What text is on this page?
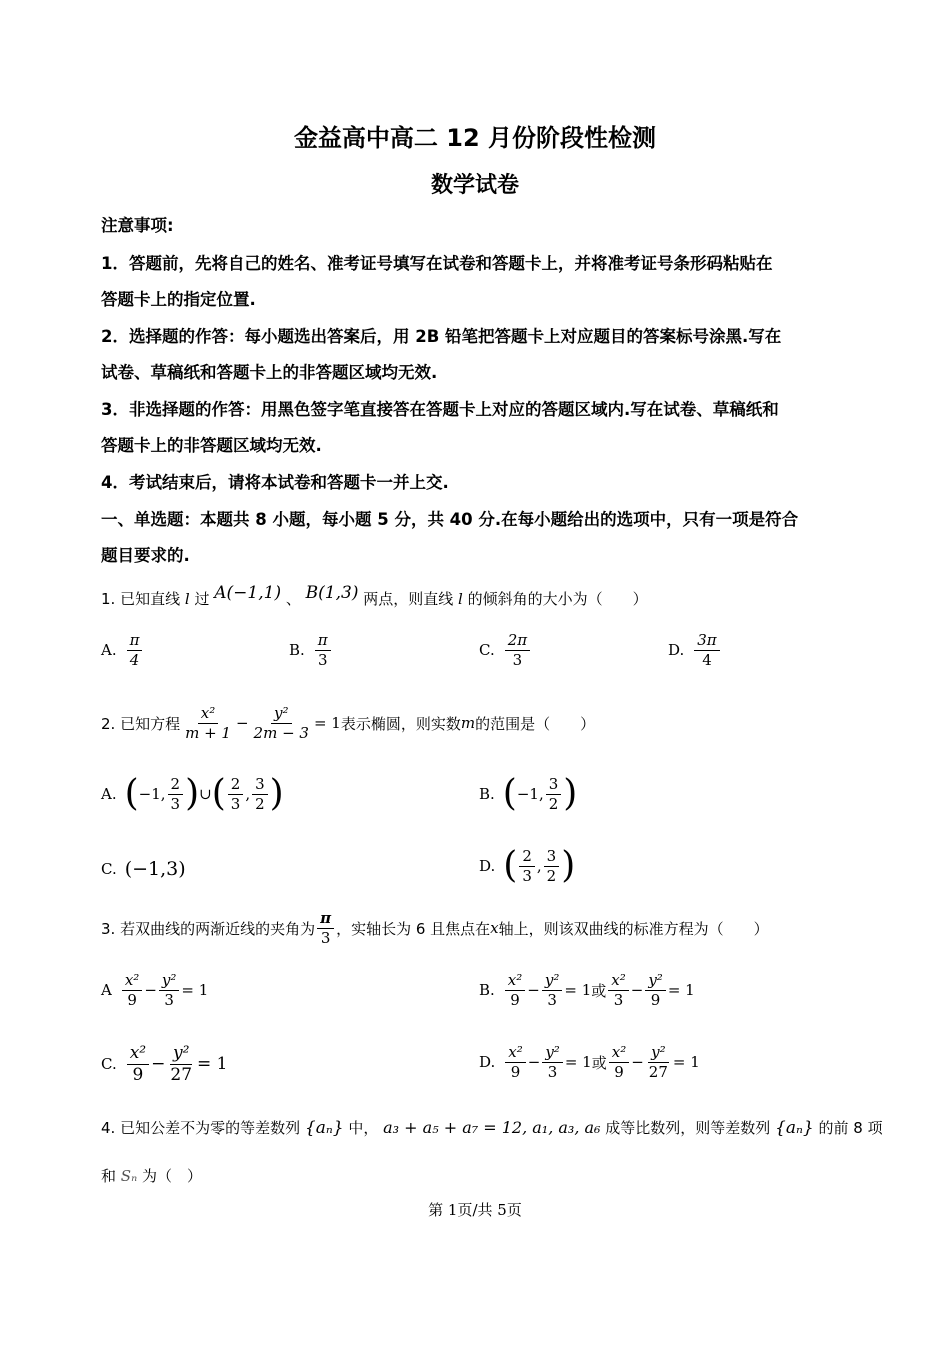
金益高中高二 12 月份阶段性检测
数学试卷
注意事项:
1．答题前，先将自己的姓名、准考证号填写在试卷和答题卡上，并将准考证号条形码粘贴在
答题卡上的指定位置.
2．选择题的作答：每小题选出答案后，用 2B 铅笔把答题卡上对应题目的答案标号涂黑.写在
试卷、草稿纸和答题卡上的非答题区域均无效.
3．非选择题的作答：用黑色签字笔直接答在答题卡上对应的答题区域内.写在试卷、草稿纸和
答题卡上的非答题区域均无效.
4．考试结束后，请将本试卷和答题卡一并上交.
一、单选题：本题共 8 小题，每小题 5 分，共 40 分.在每小题给出的选项中，只有一项是符合
题目要求的.
1. 已知直线 l 过 A(−1,1) 、 B(1,3) 两点，则直线 l 的倾斜角的大小为（　　）
A. $\frac{\pi}{4}$	B. $\frac{\pi}{3}$	C. $\frac{2\pi}{3}$	D. $\frac{3\pi}{4}$
2. 已知方程 $\frac{\text{x²}}{m + 1} - \frac{\text{y²}}{2m - 3} = 1$ 表示椭圆，则实数 m 的范围是（　　）
A. ( −1, $\frac{2}{3}$ ) ∪ ( $\frac{2}{3}$ , $\frac{3}{2}$ )	B. ( −1, $\frac{3}{2}$ )
C. (−1,3)	D. ( $\frac{2}{3}$ , $\frac{3}{2}$ )
3. 若双曲线的两渐近线的夹角为 $\frac{\pi}{3}$ ，实轴长为 6 且焦点在 x 轴上，则该双曲线的标准方程为（　　）
A $\frac{\text{x²}}{9} - \frac{\text{y²}}{3} = 1$	B. $\frac{\text{x²}}{9} - \frac{\text{y²}}{3} = 1$ 或 $\frac{\text{x²}}{3} - \frac{\text{y²}}{9} = 1$
C. $\frac{\text{x²}}{9} - \frac{\text{y²}}{27} = 1$	D. $\frac{\text{x²}}{9} - \frac{\text{y²}}{3} = 1$ 或 $\frac{\text{x²}}{9} - \frac{\text{y²}}{27} = 1$
4. 已知公差不为零的等差数列 {aₙ} 中， a₃ + a₅ + a₇ = 12, a₁, a₃, a₆ 成等比数列，则等差数列 {aₙ} 的前 8 项
和 Sₙ 为（　）
第 1页/共 5页
